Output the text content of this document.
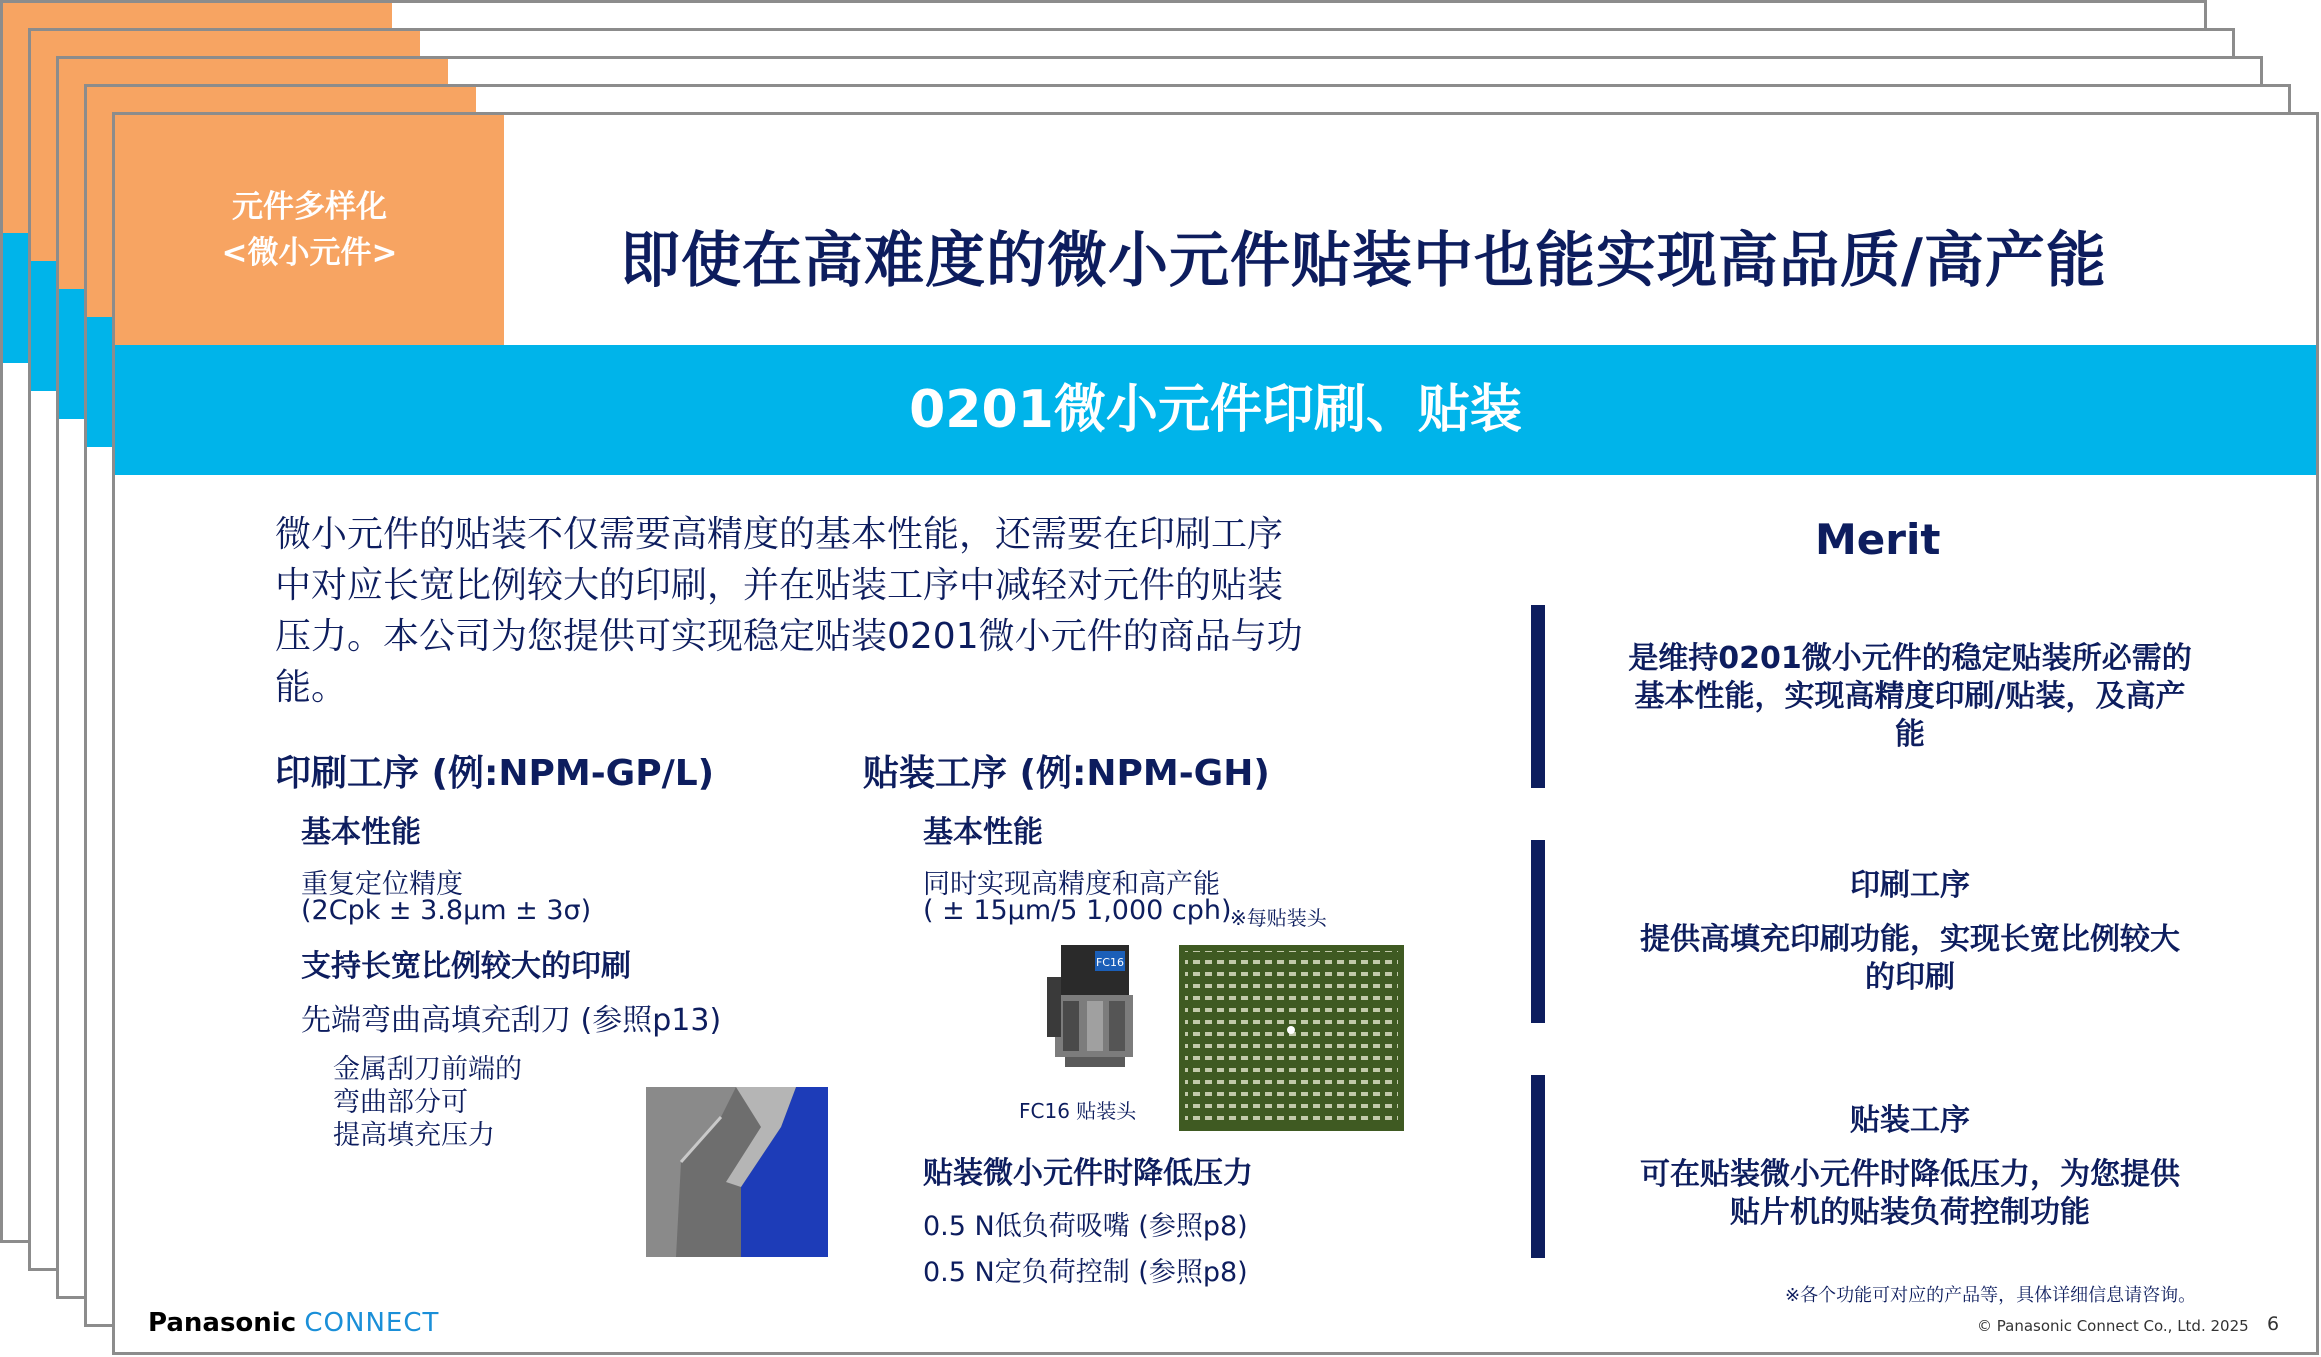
元件多样化
<微小元件>	即使在高难度的微小元件贴装中也能实现高品质/高产能
0201微小元件印刷、贴装

微小元件的贴装不仅需要高精度的基本性能，还需要在印刷工序

中对应长宽比例较大的印刷，并在贴装工序中减轻对元件的贴装

压力。本公司为您提供可实现稳定贴装0201微小元件的商品与功

能。

印刷工序 (例:NPM-GP/L)
基本性能
重复定位精度
(2Cpk ± 3.8μm ± 3σ)
支持长宽比例较大的印刷
先端弯曲高填充刮刀 (参照p13)
金属刮刀前端的
弯曲部分可
提高填充压力
贴装工序 (例:NPM-GH)
基本性能
同时实现高精度和高产能
( ± 15μm/5 1,000 cph)
※每贴装头
FC16
FC16 贴装头
贴装微小元件时降低压力
0.5 N低负荷吸嘴 (参照p8)
0.5 N定负荷控制 (参照p8)
Merit
是维持0201微小元件的稳定贴装所必需的
基本性能，实现高精度印刷/贴装，及高产
能
印刷工序
提供高填充印刷功能，实现长宽比例较大
的印刷
贴装工序
可在贴装微小元件时降低压力，为您提供
贴片机的贴装负荷控制功能
※各个功能可对应的产品等，具体详细信息请咨询。
Panasonic CONNECT	© Panasonic Connect Co., Ltd. 2025 6
